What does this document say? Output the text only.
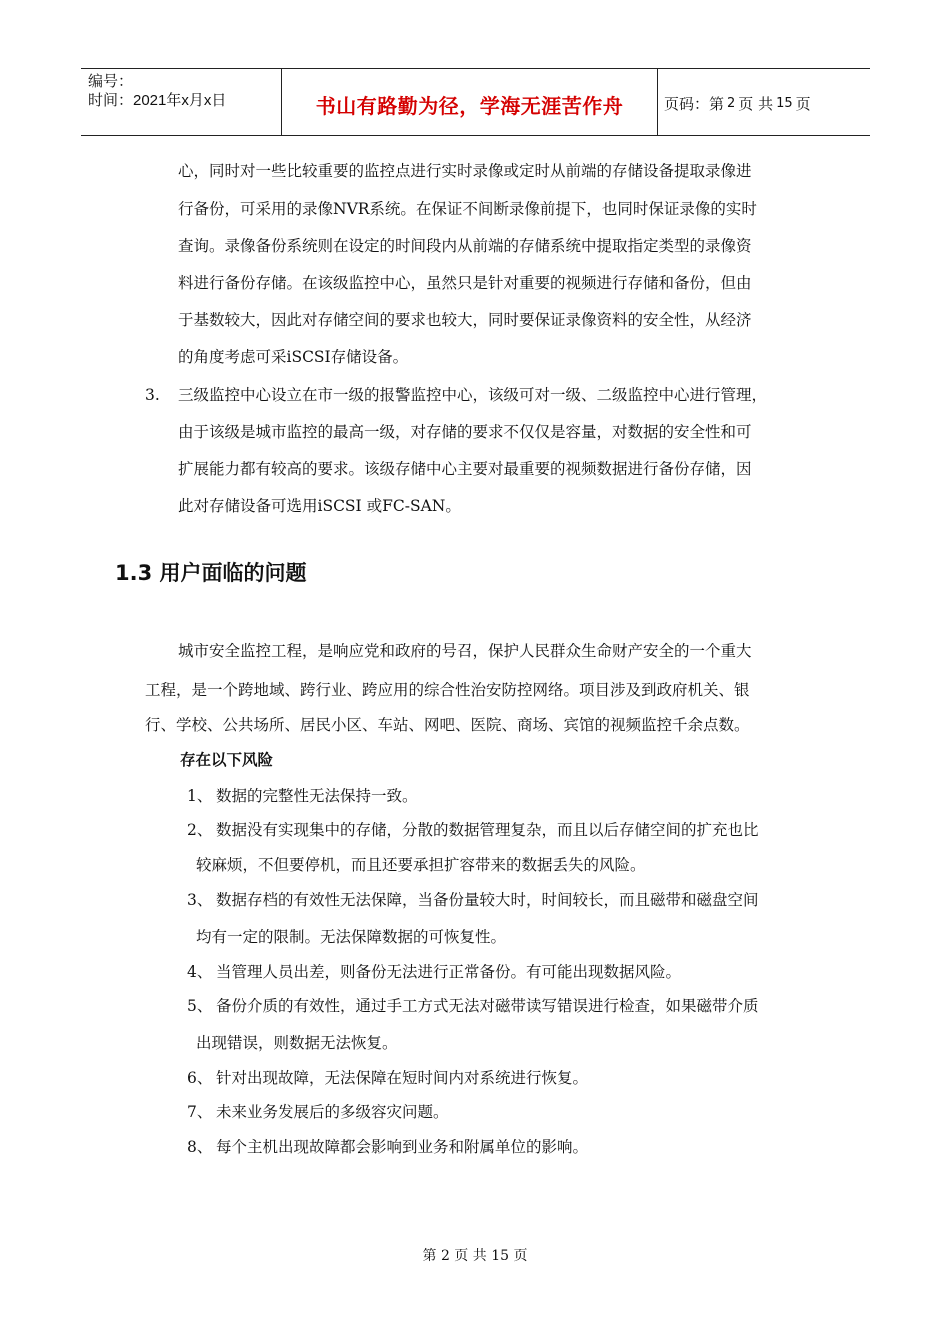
编号：
时间：2021年x月x日	书山有路勤为径，学海无涯苦作舟	页码：第 2 页 共 15 页
心，同时对一些比较重要的监控点进行实时录像或定时从前端的存储设备提取录像进
行备份，可采用的录像NVR系统。在保证不间断录像前提下，也同时保证录像的实时
查询。录像备份系统则在设定的时间段内从前端的存储系统中提取指定类型的录像资
料进行备份存储。在该级监控中心，虽然只是针对重要的视频进行存储和备份，但由
于基数较大，因此对存储空间的要求也较大，同时要保证录像资料的安全性，从经济
的角度考虑可采iSCSI存储设备。
3. 三级监控中心设立在市一级的报警监控中心，该级可对一级、二级监控中心进行管理，
由于该级是城市监控的最高一级，对存储的要求不仅仅是容量，对数据的安全性和可
扩展能力都有较高的要求。该级存储中心主要对最重要的视频数据进行备份存储，因
此对存储设备可选用iSCSI 或FC-SAN。
1.3 用户面临的问题
城市安全监控工程，是响应党和政府的号召，保护人民群众生命财产安全的一个重大
工程，是一个跨地域、跨行业、跨应用的综合性治安防控网络。项目涉及到政府机关、银
行、学校、公共场所、居民小区、车站、网吧、医院、商场、宾馆的视频监控千余点数。
存在以下风险
1、 数据的完整性无法保持一致。
2、 数据没有实现集中的存储，分散的数据管理复杂，而且以后存储空间的扩充也比
较麻烦，不但要停机，而且还要承担扩容带来的数据丢失的风险。
3、 数据存档的有效性无法保障，当备份量较大时，时间较长，而且磁带和磁盘空间
均有一定的限制。无法保障数据的可恢复性。
4、 当管理人员出差，则备份无法进行正常备份。有可能出现数据风险。
5、 备份介质的有效性，通过手工方式无法对磁带读写错误进行检查，如果磁带介质
出现错误，则数据无法恢复。
6、 针对出现故障，无法保障在短时间内对系统进行恢复。
7、 未来业务发展后的多级容灾问题。
8、 每个主机出现故障都会影响到业务和附属单位的影响。
第 2 页 共 15 页
